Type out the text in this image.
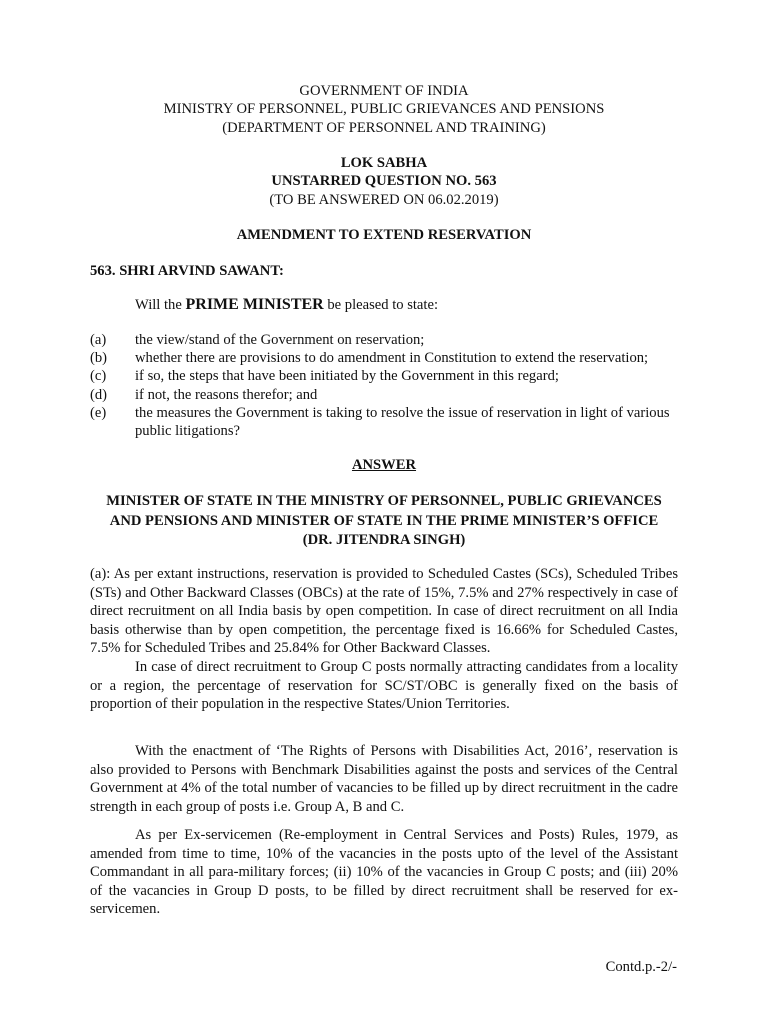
GOVERNMENT OF INDIA
MINISTRY OF PERSONNEL, PUBLIC GRIEVANCES AND PENSIONS
(DEPARTMENT OF PERSONNEL AND TRAINING)
LOK SABHA
UNSTARRED QUESTION NO. 563
(TO BE ANSWERED ON 06.02.2019)
AMENDMENT TO EXTEND RESERVATION
563. SHRI ARVIND SAWANT:
Will the PRIME MINISTER be pleased to state:
(a)	the view/stand of the Government on reservation;
(b)	whether there are provisions to do amendment in Constitution to extend the reservation;
(c)	if so, the steps that have been initiated by the Government in this regard;
(d)	if not, the reasons therefor; and
(e)	the measures the Government is taking to resolve the issue of reservation in light of various public litigations?
ANSWER
MINISTER OF STATE IN THE MINISTRY OF PERSONNEL, PUBLIC GRIEVANCES
AND PENSIONS AND MINISTER OF STATE IN THE PRIME MINISTER’S OFFICE
(DR. JITENDRA SINGH)
(a): As per extant instructions, reservation is provided to Scheduled Castes (SCs), Scheduled Tribes (STs) and Other Backward Classes (OBCs) at the rate of 15%, 7.5% and 27% respectively in case of direct recruitment on all India basis by open competition. In case of direct recruitment on all India basis otherwise than by open competition, the percentage fixed is 16.66% for Scheduled Castes, 7.5% for Scheduled Tribes and 25.84% for Other Backward Classes.
In case of direct recruitment to Group C posts normally attracting candidates from a locality or a region, the percentage of reservation for SC/ST/OBC is generally fixed on the basis of proportion of their population in the respective States/Union Territories.
With the enactment of ‘The Rights of Persons with Disabilities Act, 2016’, reservation is also provided to Persons with Benchmark Disabilities against the posts and services of the Central Government at 4% of the total number of vacancies to be filled up by direct recruitment in the cadre strength in each group of posts i.e. Group A, B and C.
As per Ex-servicemen (Re-employment in Central Services and Posts) Rules, 1979, as amended from time to time, 10% of the vacancies in the posts upto of the level of the Assistant Commandant in all para-military forces; (ii) 10% of the vacancies in Group C posts; and (iii) 20% of the vacancies in Group D posts, to be filled by direct recruitment shall be reserved for ex-servicemen.
Contd.p.-2/-
